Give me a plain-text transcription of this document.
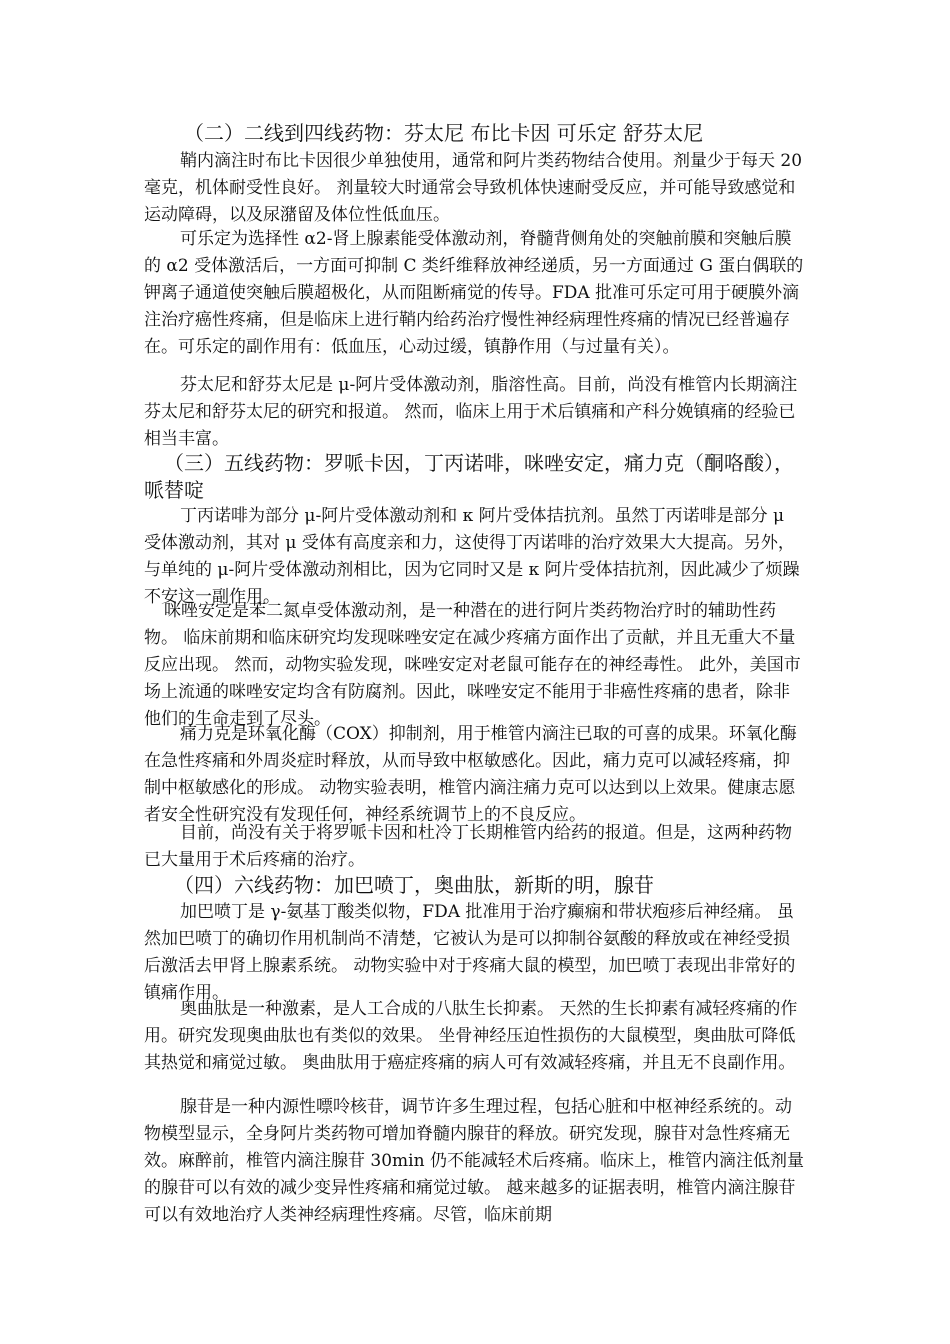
（二）二线到四线药物：芬太尼 布比卡因 可乐定 舒芬太尼

鞘内滴注时布比卡因很少单独使用，通常和阿片类药物结合使用。剂量少于每天 20 毫克，机体耐受性良好。 剂量较大时通常会导致机体快速耐受反应，并可能导致感觉和运动障碍，以及尿潴留及体位性低血压。

可乐定为选择性 α2-肾上腺素能受体激动剂，脊髓背侧角处的突触前膜和突触后膜的 α2 受体激活后，一方面可抑制 C 类纤维释放神经递质，另一方面通过 G 蛋白偶联的钾离子通道使突触后膜超极化，从而阻断痛觉的传导。FDA 批准可乐定可用于硬膜外滴注治疗癌性疼痛，但是临床上进行鞘内给药治疗慢性神经病理性疼痛的情况已经普遍存在。可乐定的副作用有：低血压，心动过缓，镇静作用（与过量有关）。

芬太尼和舒芬太尼是 μ-阿片受体激动剂，脂溶性高。目前，尚没有椎管内长期滴注芬太尼和舒芬太尼的研究和报道。 然而，临床上用于术后镇痛和产科分娩镇痛的经验已相当丰富。

（三）五线药物：罗哌卡因，丁丙诺啡，咪唑安定，痛力克（酮咯酸），哌替啶

丁丙诺啡为部分 μ-阿片受体激动剂和 κ 阿片受体拮抗剂。虽然丁丙诺啡是部分 μ 受体激动剂，其对 μ 受体有高度亲和力，这使得丁丙诺啡的治疗效果大大提高。另外，与单纯的 μ-阿片受体激动剂相比，因为它同时又是 κ 阿片受体拮抗剂，因此减少了烦躁不安这一副作用。

咪唑安定是苯二氮卓受体激动剂，是一种潜在的进行阿片类药物治疗时的辅助性药物。 临床前期和临床研究均发现咪唑安定在减少疼痛方面作出了贡献，并且无重大不量反应出现。 然而，动物实验发现，咪唑安定对老鼠可能存在的神经毒性。 此外，美国市场上流通的咪唑安定均含有防腐剂。因此，咪唑安定不能用于非癌性疼痛的患者，除非他们的生命走到了尽头。

痛力克是环氧化酶（COX）抑制剂，用于椎管内滴注已取的可喜的成果。环氧化酶在急性疼痛和外周炎症时释放，从而导致中枢敏感化。因此，痛力克可以减轻疼痛，抑制中枢敏感化的形成。 动物实验表明，椎管内滴注痛力克可以达到以上效果。健康志愿者安全性研究没有发现任何，神经系统调节上的不良反应。

目前，尚没有关于将罗哌卡因和杜冷丁长期椎管内给药的报道。但是，这两种药物已大量用于术后疼痛的治疗。

（四）六线药物：加巴喷丁，奥曲肽，新斯的明，腺苷

加巴喷丁是 γ-氨基丁酸类似物，FDA 批准用于治疗癫痫和带状疱疹后神经痛。 虽然加巴喷丁的确切作用机制尚不清楚，它被认为是可以抑制谷氨酸的释放或在神经受损后激活去甲肾上腺素系统。 动物实验中对于疼痛大鼠的模型，加巴喷丁表现出非常好的镇痛作用。

奥曲肽是一种激素，是人工合成的八肽生长抑素。 天然的生长抑素有减轻疼痛的作用。研究发现奥曲肽也有类似的效果。 坐骨神经压迫性损伤的大鼠模型，奥曲肽可降低其热觉和痛觉过敏。 奥曲肽用于癌症疼痛的病人可有效减轻疼痛，并且无不良副作用。

腺苷是一种内源性嘌呤核苷，调节许多生理过程，包括心脏和中枢神经系统的。动物模型显示，全身阿片类药物可增加脊髓内腺苷的释放。研究发现，腺苷对急性疼痛无效。麻醉前，椎管内滴注腺苷 30min 仍不能减轻术后疼痛。临床上，椎管内滴注低剂量的腺苷可以有效的减少变异性疼痛和痛觉过敏。 越来越多的证据表明，椎管内滴注腺苷可以有效地治疗人类神经病理性疼痛。尽管，临床前期
